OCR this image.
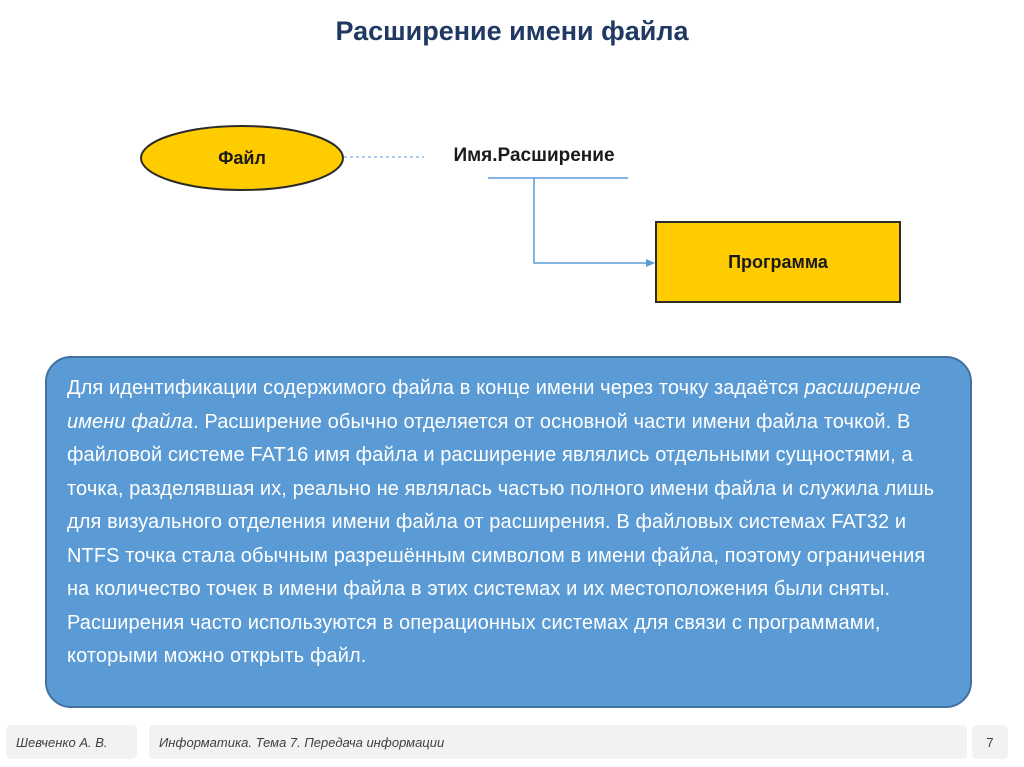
Расширение имени файла
Файл	Имя.Расширение
Программа
Для идентификации содержимого файла в конце имени через точку задаётся расширение имени файла. Расширение обычно отделяется от основной части имени файла точкой. В файловой системе FAT16 имя файла и расширение являлись отдельными сущностями, а точка, разделявшая их, реально не являлась частью полного имени файла и служила лишь для визуального отделения имени файла от расширения. В файловых системах FAT32 и NTFS точка стала обычным разрешённым символом в имени файла, поэтому ограничения на количество точек в имени файла в этих системах и их местоположения были сняты. Расширения часто используются в операционных системах для связи с программами, которыми можно открыть файл.
Шевченко А. В.	Информатика. Тема 7. Передача информации	7
